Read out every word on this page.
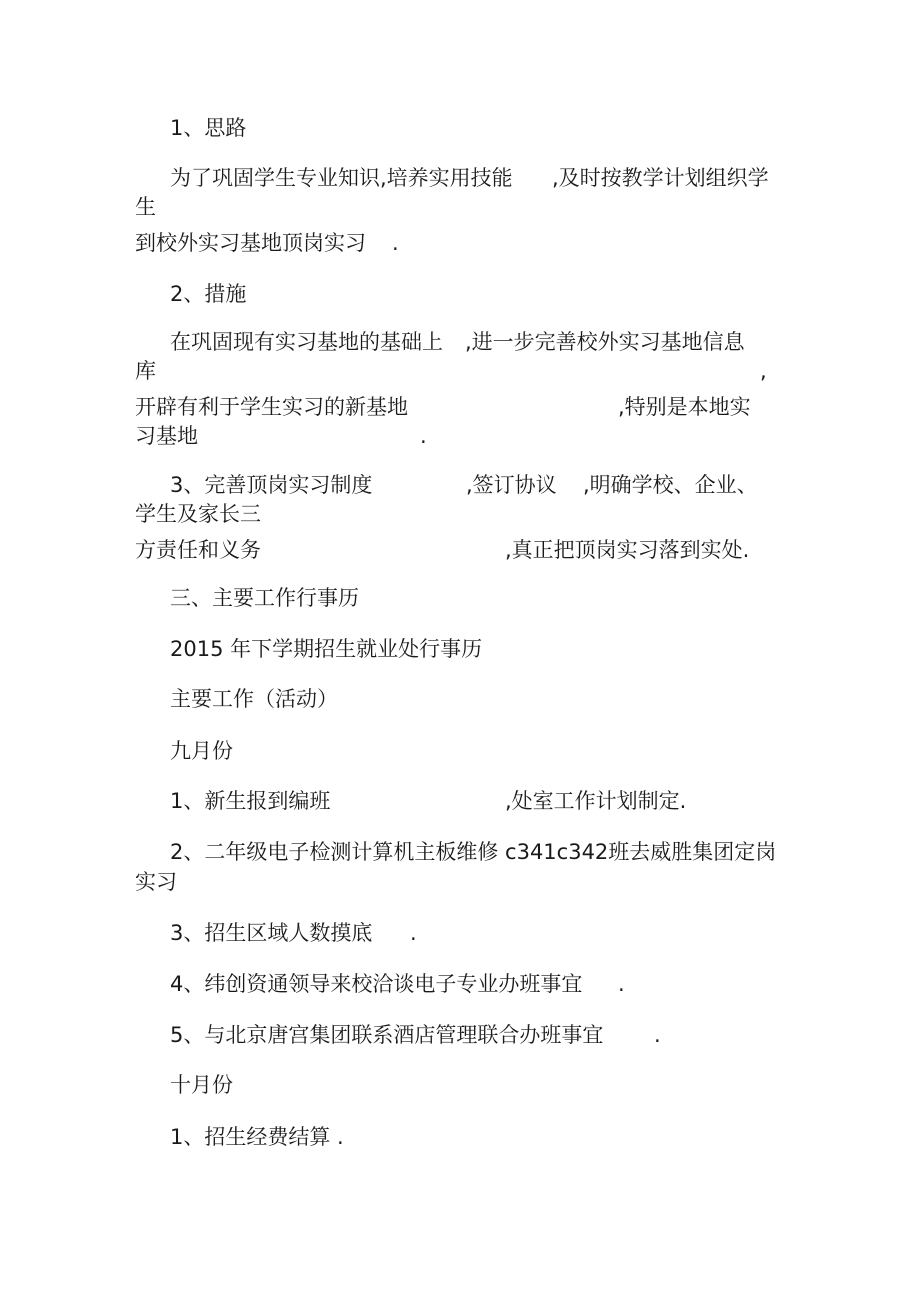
1、思路

为了巩固学生专业知识,培养实用技能 ,及时按教学计划组织学

生

到校外实习基地顶岗实习 .

2、措施

在巩固现有实习基地的基础上 ,进一步完善校外实习基地信息

库	,

开辟有利于学生实习的新基地	,特别是本地实

习基地	.

3、完善顶岗实习制度	,签订协议 ,明确学校、企业、

学生及家长三

方责任和义务	,真正把顶岗实习落到实处.

三、主要工作行事历

2015 年下学期招生就业处行事历

主要工作（活动）

九月份

1、新生报到编班	,处室工作计划制定.

2、二年级电子检测计算机主板维修 c341c342班去威胜集团定岗

实习

3、招生区域人数摸底 .

4、纬创资通领导来校洽谈电子专业办班事宜 .

5、与北京唐宫集团联系酒店管理联合办班事宜 .

十月份

1、招生经费结算 .
